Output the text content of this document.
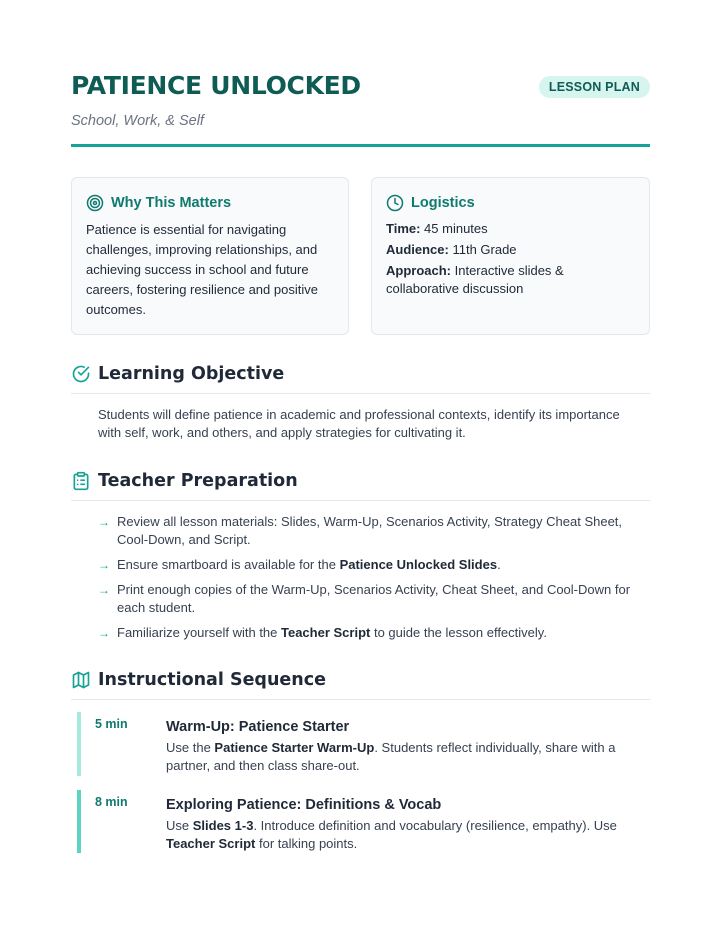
PATIENCE UNLOCKED
School, Work, & Self
LESSON PLAN
Why This Matters
Patience is essential for navigating challenges, improving relationships, and achieving success in school and future careers, fostering resilience and positive outcomes.
Logistics
Time: 45 minutes
Audience: 11th Grade
Approach: Interactive slides & collaborative discussion
Learning Objective
Students will define patience in academic and professional contexts, identify its importance with self, work, and others, and apply strategies for cultivating it.
Teacher Preparation
→ Review all lesson materials: Slides, Warm-Up, Scenarios Activity, Strategy Cheat Sheet, Cool-Down, and Script.
→ Ensure smartboard is available for the Patience Unlocked Slides.
→ Print enough copies of the Warm-Up, Scenarios Activity, Cheat Sheet, and Cool-Down for each student.
→ Familiarize yourself with the Teacher Script to guide the lesson effectively.
Instructional Sequence
5 min	Warm-Up: Patience Starter
Use the Patience Starter Warm-Up. Students reflect individually, share with a partner, and then class share-out.
8 min	Exploring Patience: Definitions & Vocab
Use Slides 1-3. Introduce definition and vocabulary (resilience, empathy). Use Teacher Script for talking points.
